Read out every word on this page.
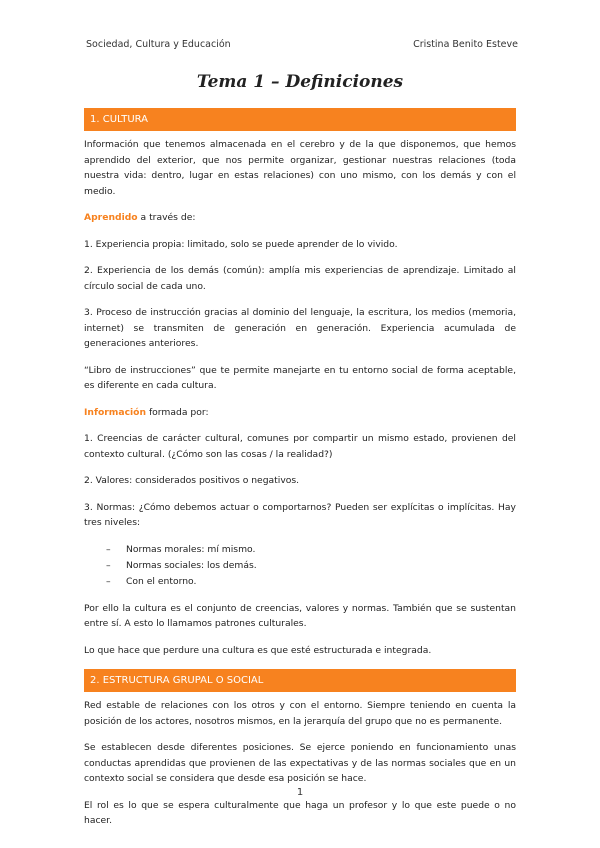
Sociedad, Cultura y Educación	Cristina Benito Esteve
Tema 1 – Definiciones
1. CULTURA

Información que tenemos almacenada en el cerebro y de la que disponemos, que hemos aprendido del exterior, que nos permite organizar, gestionar nuestras relaciones (toda nuestra vida: dentro, lugar en estas relaciones) con uno mismo, con los demás y con el medio.

Aprendido a través de:

1. Experiencia propia: limitado, solo se puede aprender de lo vivido.

2. Experiencia de los demás (común): amplía mis experiencias de aprendizaje. Limitado al círculo social de cada uno.

3. Proceso de instrucción gracias al dominio del lenguaje, la escritura, los medios (memoria, internet) se transmiten de generación en generación. Experiencia acumulada de generaciones anteriores.

“Libro de instrucciones” que te permite manejarte en tu entorno social de forma aceptable, es diferente en cada cultura.

Información formada por:

1. Creencias de carácter cultural, comunes por compartir un mismo estado, provienen del contexto cultural. (¿Cómo son las cosas / la realidad?)

2. Valores: considerados positivos o negativos.

3. Normas: ¿Cómo debemos actuar o comportarnos? Pueden ser explícitas o implícitas. Hay tres niveles:

– Normas morales: mí mismo.
– Normas sociales: los demás.
– Con el entorno.

Por ello la cultura es el conjunto de creencias, valores y normas. También que se sustentan entre sí. A esto lo llamamos patrones culturales.

Lo que hace que perdure una cultura es que esté estructurada e integrada.

2. ESTRUCTURA GRUPAL O SOCIAL

Red estable de relaciones con los otros y con el entorno. Siempre teniendo en cuenta la posición de los actores, nosotros mismos, en la jerarquía del grupo que no es permanente.

Se establecen desde diferentes posiciones. Se ejerce poniendo en funcionamiento unas conductas aprendidas que provienen de las expectativas y de las normas sociales que en un contexto social se considera que desde esa posición se hace.

El rol es lo que se espera culturalmente que haga un profesor y lo que este puede o no hacer.

1
